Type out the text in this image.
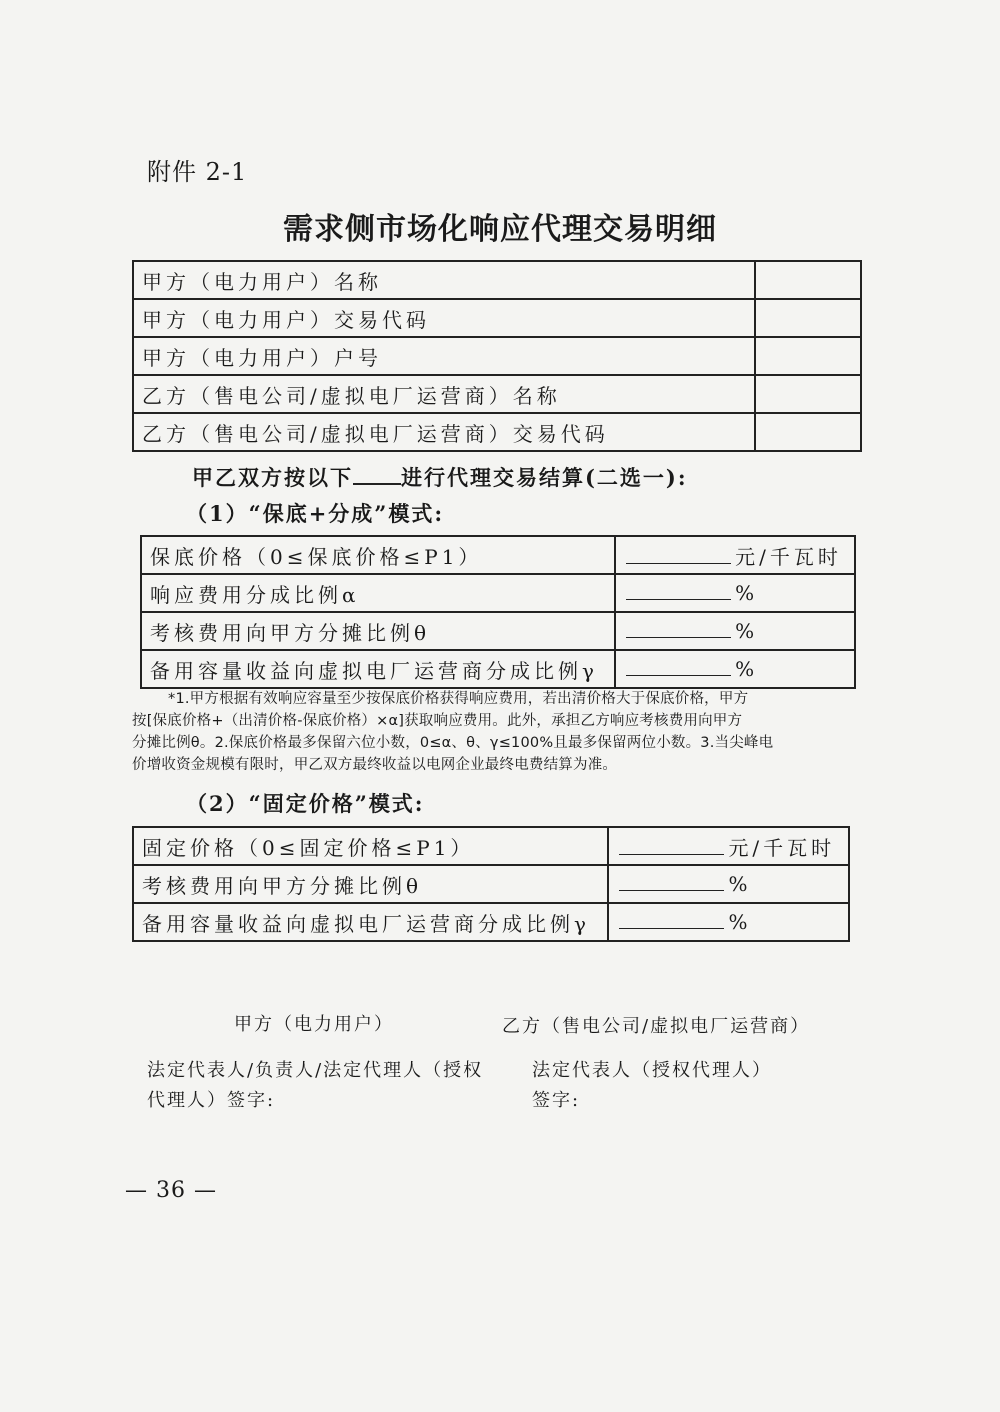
附件 2-1
需求侧市场化响应代理交易明细
甲方（电力用户）名称	
甲方（电力用户）交易代码	
甲方（电力用户）户号	
乙方（售电公司/虚拟电厂运营商）名称	
乙方（售电公司/虚拟电厂运营商）交易代码	
甲乙双方按以下 进行代理交易结算(二选一):
（1）“保底+分成”模式:
保底价格（0≤保底价格≤P1）	元/千瓦时
响应费用分成比例α	%
考核费用向甲方分摊比例θ	%
备用容量收益向虚拟电厂运营商分成比例γ	%
*1.甲方根据有效响应容量至少按保底价格获得响应费用，若出清价格大于保底价格，甲方
按[保底价格+（出清价格-保底价格）×α]获取响应费用。此外，承担乙方响应考核费用向甲方
分摊比例θ。2.保底价格最多保留六位小数，0≤α、θ、γ≤100%且最多保留两位小数。3.当尖峰电
价增收资金规模有限时，甲乙双方最终收益以电网企业最终电费结算为准。
（2）“固定价格”模式:
固定价格（0≤固定价格≤P1）	元/千瓦时
考核费用向甲方分摊比例θ	%
备用容量收益向虚拟电厂运营商分成比例γ	%
甲方（电力用户）	乙方（售电公司/虚拟电厂运营商）
法定代表人/负责人/法定代理人（授权
代理人）签字:
法定代表人（授权代理人）
签字:
— 36 —
